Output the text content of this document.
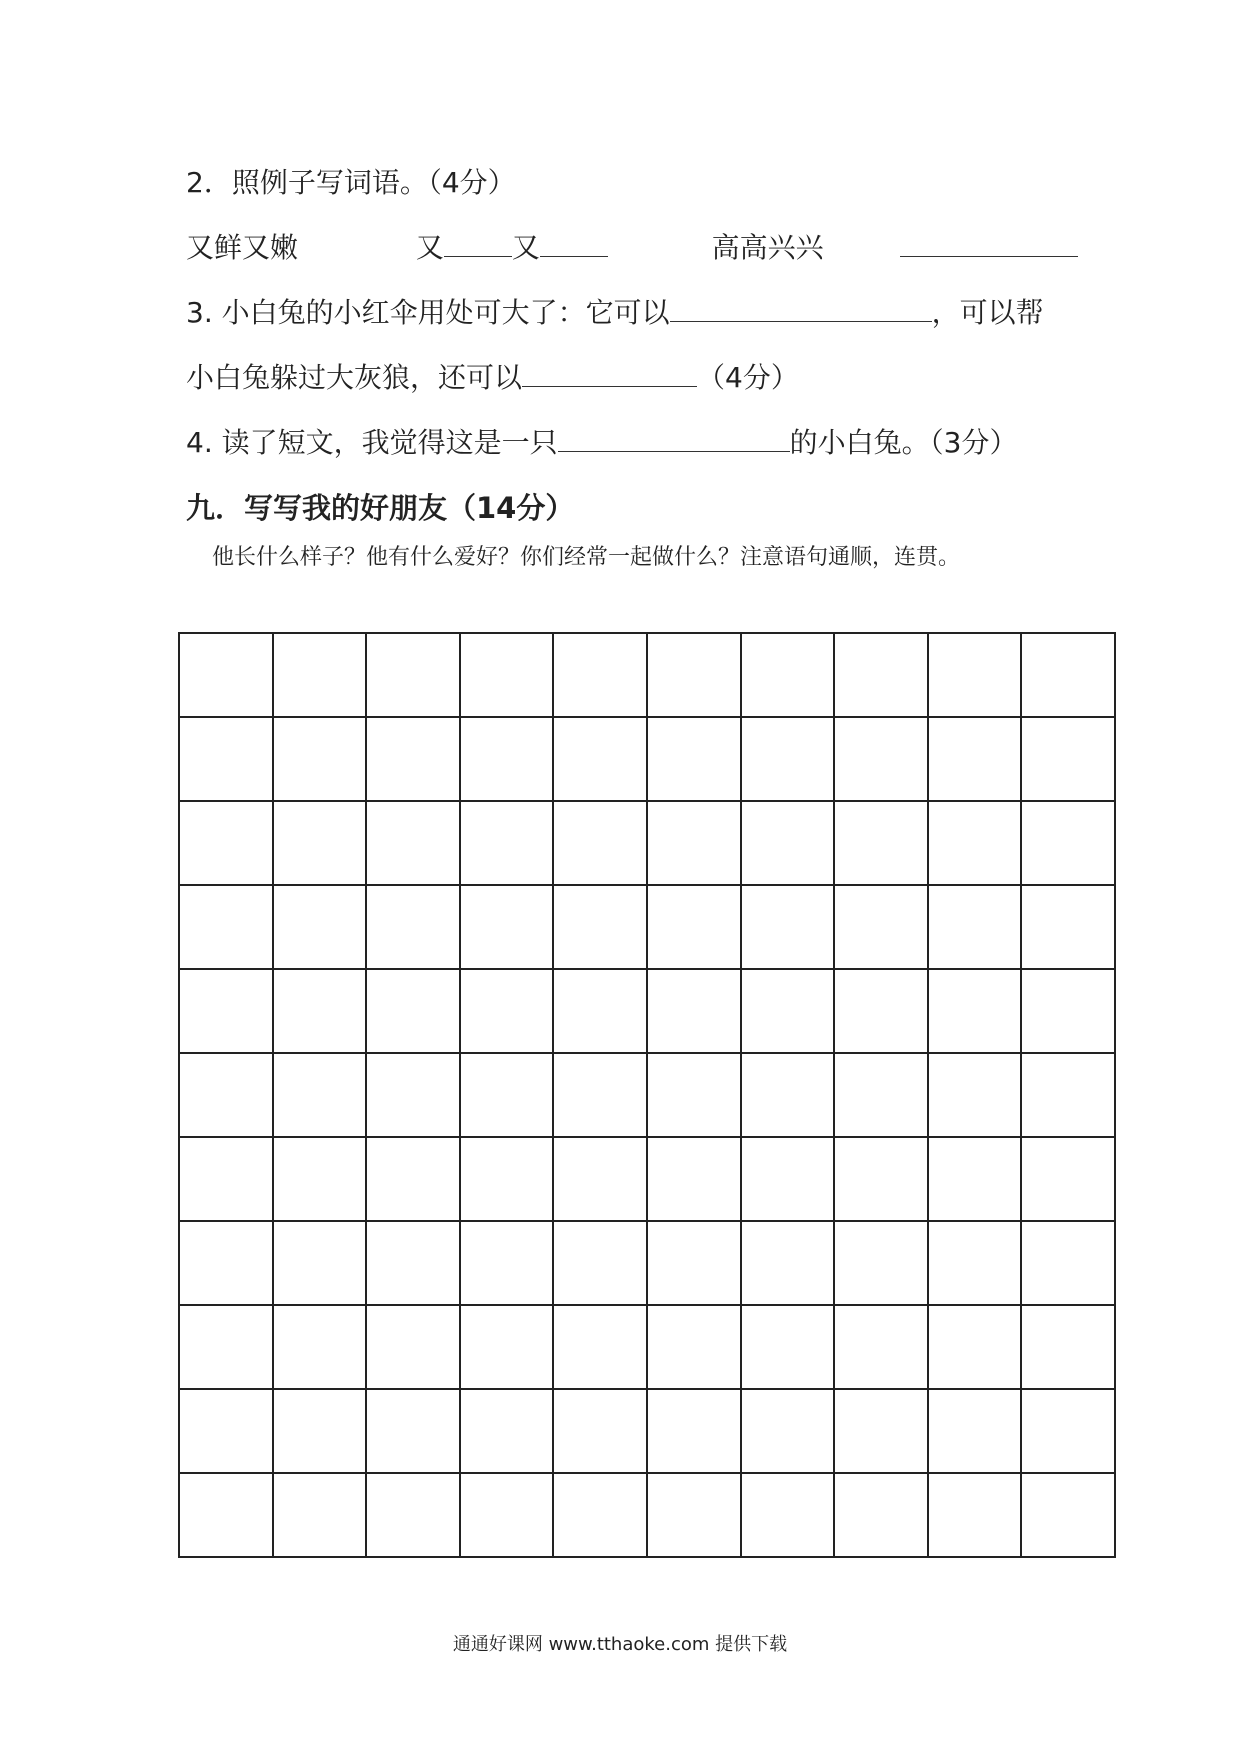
2．照例子写词语。（4分）
又鲜又嫩	又 又	高高兴兴
3. 小白兔的小红伞用处可大了：它可以	，可以帮
小白兔躲过大灰狼，还可以	（4分）
4. 读了短文，我觉得这是一只	的小白兔。（3分）
九．写写我的好朋友（14分）
他长什么样子？他有什么爱好？你们经常一起做什么？注意语句通顺，连贯。
通通好课网 www.tthaoke.com 提供下载
